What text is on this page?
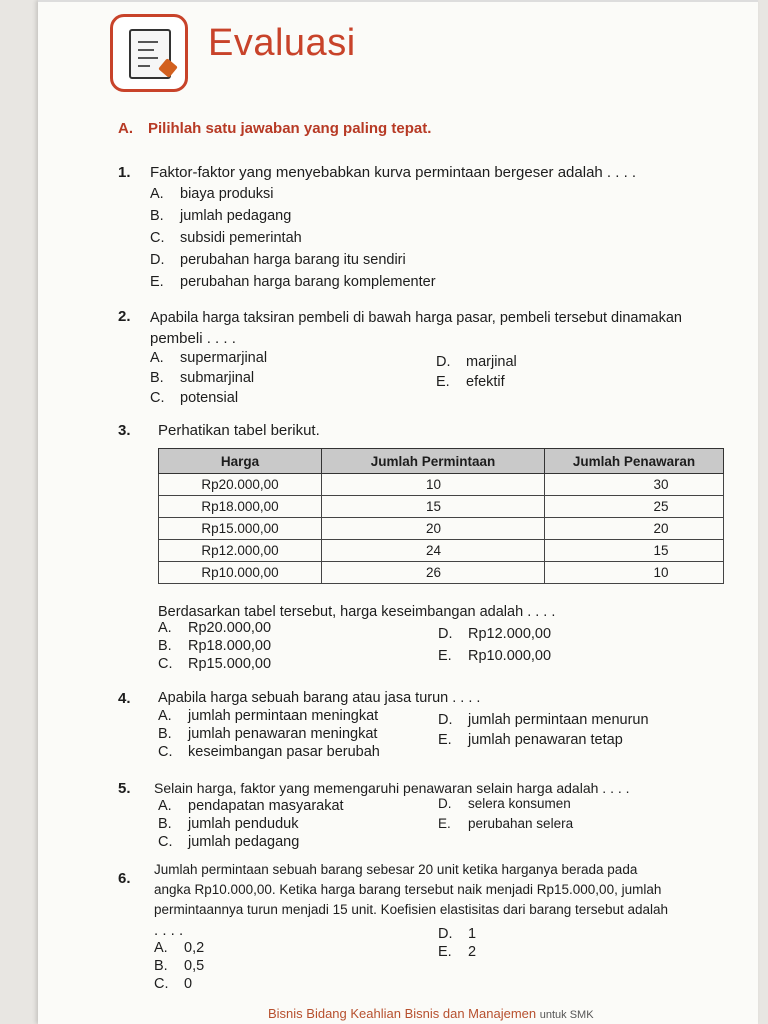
Evaluasi
A. Pilihlah satu jawaban yang paling tepat.
1. Faktor-faktor yang menyebabkan kurva permintaan bergeser adalah . . . .
A. biaya produksi
B. jumlah pedagang
C. subsidi pemerintah
D. perubahan harga barang itu sendiri
E. perubahan harga barang komplementer
2. Apabila harga taksiran pembeli di bawah harga pasar, pembeli tersebut dinamakan
pembeli . . . .
A. supermarjinal
B. submarjinal
C. potensial
D. marjinal
E. efektif
3. Perhatikan tabel berikut.
Harga	Jumlah Permintaan	Jumlah Penawaran
Rp20.000,00	10	30
Rp18.000,00	15	25
Rp15.000,00	20	20
Rp12.000,00	24	15
Rp10.000,00	26	10
Berdasarkan tabel tersebut, harga keseimbangan adalah . . . .
A. Rp20.000,00
B. Rp18.000,00
C. Rp15.000,00
D. Rp12.000,00
E. Rp10.000,00
4. Apabila harga sebuah barang atau jasa turun . . . .
A. jumlah permintaan meningkat
B. jumlah penawaran meningkat
C. keseimbangan pasar berubah
D. jumlah permintaan menurun
E. jumlah penawaran tetap
5. Selain harga, faktor yang memengaruhi penawaran selain harga adalah . . . .
A. pendapatan masyarakat
B. jumlah penduduk
C. jumlah pedagang
D. selera konsumen
E. perubahan selera
6.
Jumlah permintaan sebuah barang sebesar 20 unit ketika harganya berada pada
angka Rp10.000,00. Ketika harga barang tersebut naik menjadi Rp15.000,00, jumlah
permintaannya turun menjadi 15 unit. Koefisien elastisitas dari barang tersebut adalah
. . . .
A. 0,2
B. 0,5
C. 0
D. 1
E. 2
Bisnis Bidang Keahlian Bisnis dan Manajemen untuk SMK
